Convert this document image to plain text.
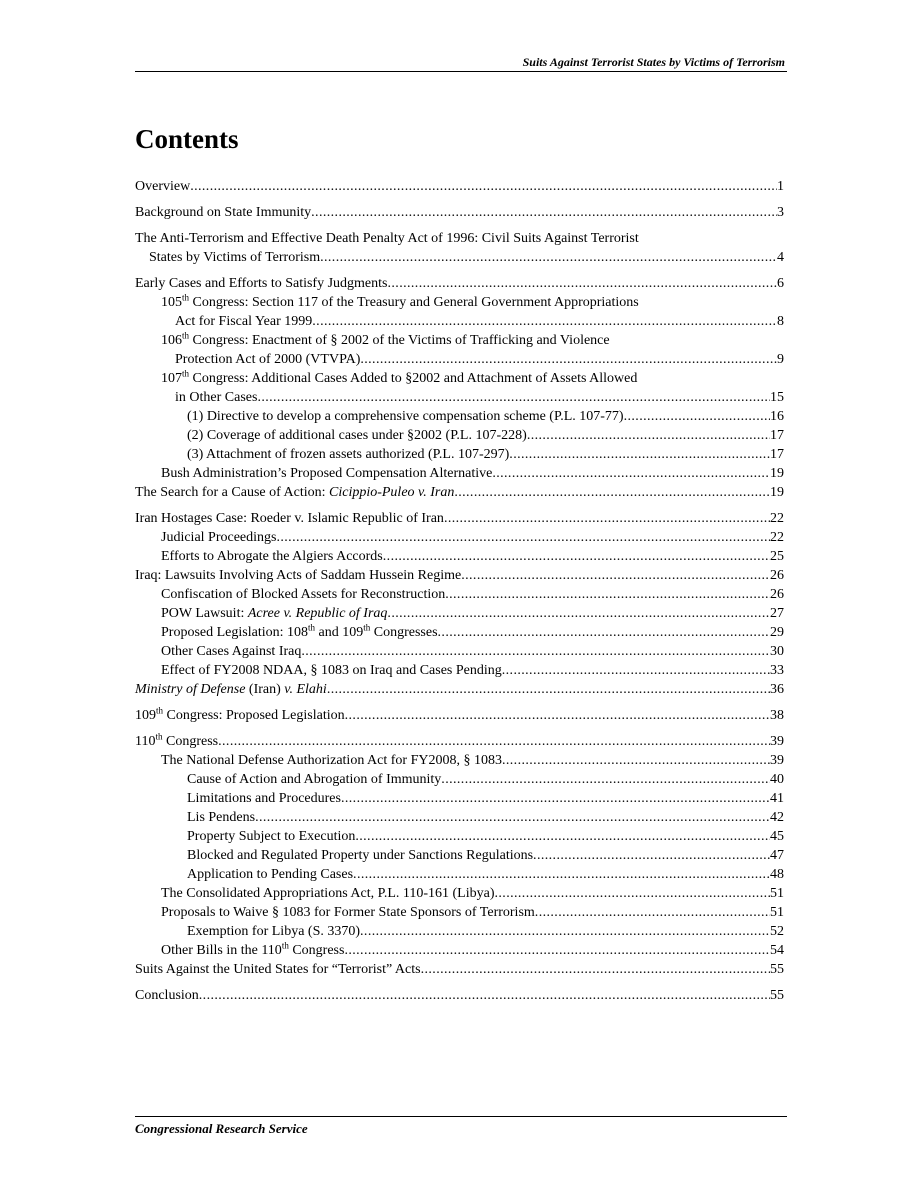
Suits Against Terrorist States by Victims of Terrorism
Contents
Overview .....	1
Background on State Immunity .....	3
The Anti-Terrorism and Effective Death Penalty Act of 1996: Civil Suits Against Terrorist
States by Victims of Terrorism .....	4
Early Cases and Efforts to Satisfy Judgments .....	6
105th Congress: Section 117 of the Treasury and General Government Appropriations
Act for Fiscal Year 1999 .....	8
106th Congress: Enactment of § 2002 of the Victims of Trafficking and Violence
Protection Act of 2000 (VTVPA) .....	9
107th Congress: Additional Cases Added to §2002 and Attachment of Assets Allowed
in Other Cases .....	15
(1) Directive to develop a comprehensive compensation scheme (P.L. 107-77) .....	16
(2) Coverage of additional cases under §2002 (P.L. 107-228) .....	17
(3) Attachment of frozen assets authorized (P.L. 107-297) .....	17
Bush Administration’s Proposed Compensation Alternative .....	19
The Search for a Cause of Action: Cicippio-Puleo v. Iran .....	19
Iran Hostages Case: Roeder v. Islamic Republic of Iran .....	22
Judicial Proceedings .....	22
Efforts to Abrogate the Algiers Accords .....	25
Iraq: Lawsuits Involving Acts of Saddam Hussein Regime .....	26
Confiscation of Blocked Assets for Reconstruction .....	26
POW Lawsuit: Acree v. Republic of Iraq .....	27
Proposed Legislation: 108th and 109th Congresses .....	29
Other Cases Against Iraq .....	30
Effect of FY2008 NDAA, § 1083 on Iraq and Cases Pending .....	33
Ministry of Defense (Iran) v. Elahi .....	36
109th Congress: Proposed Legislation .....	38
110th Congress .....	39
The National Defense Authorization Act for FY2008, § 1083 .....	39
Cause of Action and Abrogation of Immunity .....	40
Limitations and Procedures .....	41
Lis Pendens .....	42
Property Subject to Execution .....	45
Blocked and Regulated Property under Sanctions Regulations .....	47
Application to Pending Cases .....	48
The Consolidated Appropriations Act, P.L. 110-161 (Libya) .....	51
Proposals to Waive § 1083 for Former State Sponsors of Terrorism .....	51
Exemption for Libya (S. 3370) .....	52
Other Bills in the 110th Congress .....	54
Suits Against the United States for “Terrorist” Acts .....	55
Conclusion .....	55
Congressional Research Service
